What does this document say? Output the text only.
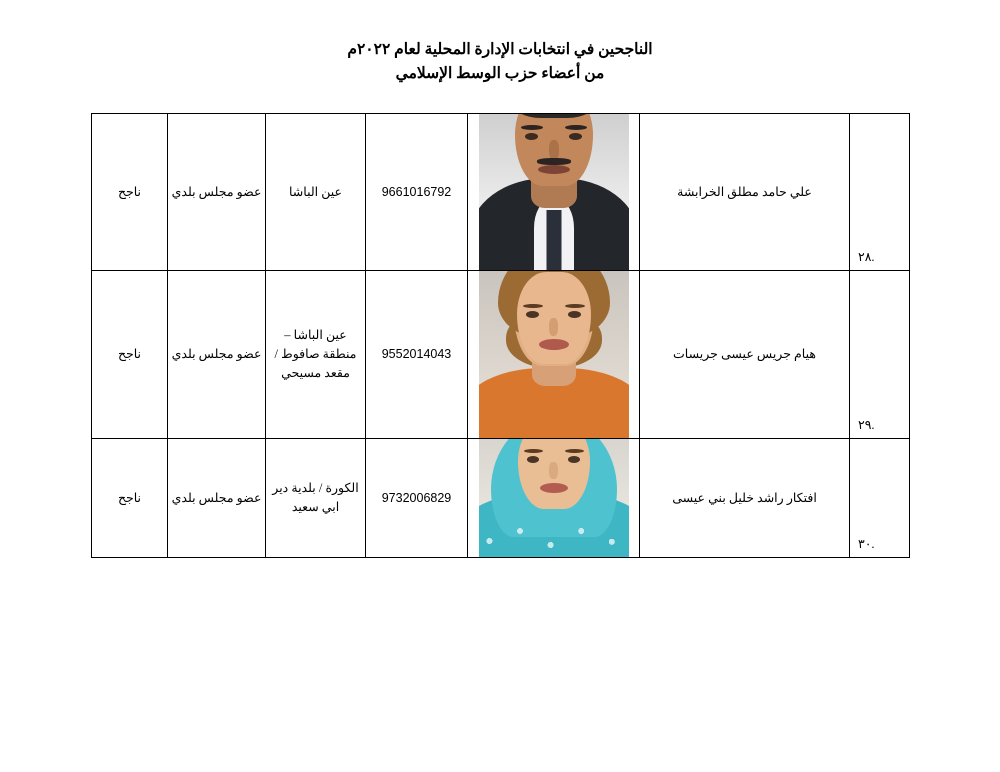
الناجحين في انتخابات الإدارة المحلية لعام ٢٠٢٢م
من أعضاء حزب الوسط الإسلامي
٢٨.	علي حامد مطلق الخرابشة		9661016792	عين الباشا	عضو مجلس بلدي	ناجح

٢٩.	هيام جريس عيسى جريسات		9552014043	عين الباشا – منطقة صافوط / مقعد مسيحي	عضو مجلس بلدي	ناجح

٣٠.	افتكار راشد خليل بني عيسى		9732006829	الكورة / بلدية دير ابي سعيد	عضو مجلس بلدي	ناجح
